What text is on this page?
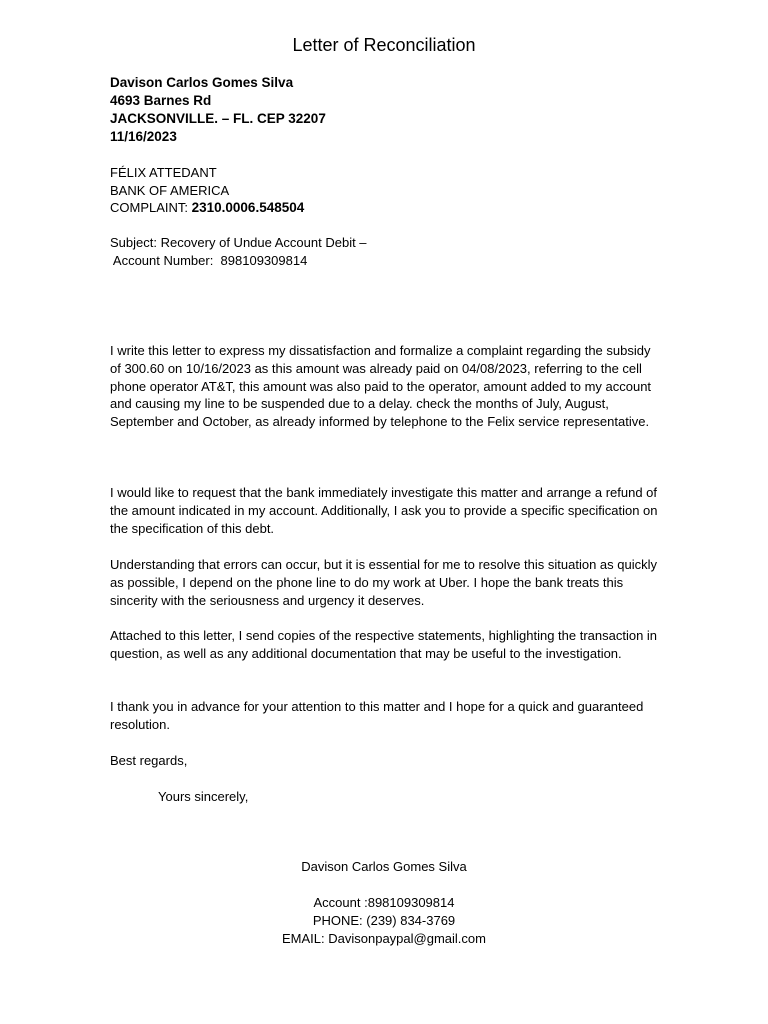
Letter of Reconciliation
Davison Carlos Gomes Silva
4693 Barnes Rd
JACKSONVILLE. – FL. CEP 32207
11/16/2023
FÉLIX ATTEDANT
BANK OF AMERICA
COMPLAINT: 2310.0006.548504
Subject: Recovery of Undue Account Debit –
Account Number:  898109309814

I write this letter to express my dissatisfaction and formalize a complaint regarding the subsidy of 300.60 on 10/16/2023 as this amount was already paid on 04/08/2023, referring to the cell phone operator AT&T, this amount was also paid to the operator, amount added to my account and causing my line to be suspended due to a delay. check the months of July, August, September and October, as already informed by telephone to the Felix service representative.

I would like to request that the bank immediately investigate this matter and arrange a refund of the amount indicated in my account. Additionally, I ask you to provide a specific specification on the specification of this debt.

Understanding that errors can occur, but it is essential for me to resolve this situation as quickly as possible, I depend on the phone line to do my work at Uber. I hope the bank treats this sincerity with the seriousness and urgency it deserves.

Attached to this letter, I send copies of the respective statements, highlighting the transaction in question, as well as any additional documentation that may be useful to the investigation.

I thank you in advance for your attention to this matter and I hope for a quick and guaranteed resolution.

Best regards,

Yours sincerely,
Davison Carlos Gomes Silva
Account :898109309814
PHONE: (239) 834-3769
EMAIL: Davisonpaypal@gmail.com
